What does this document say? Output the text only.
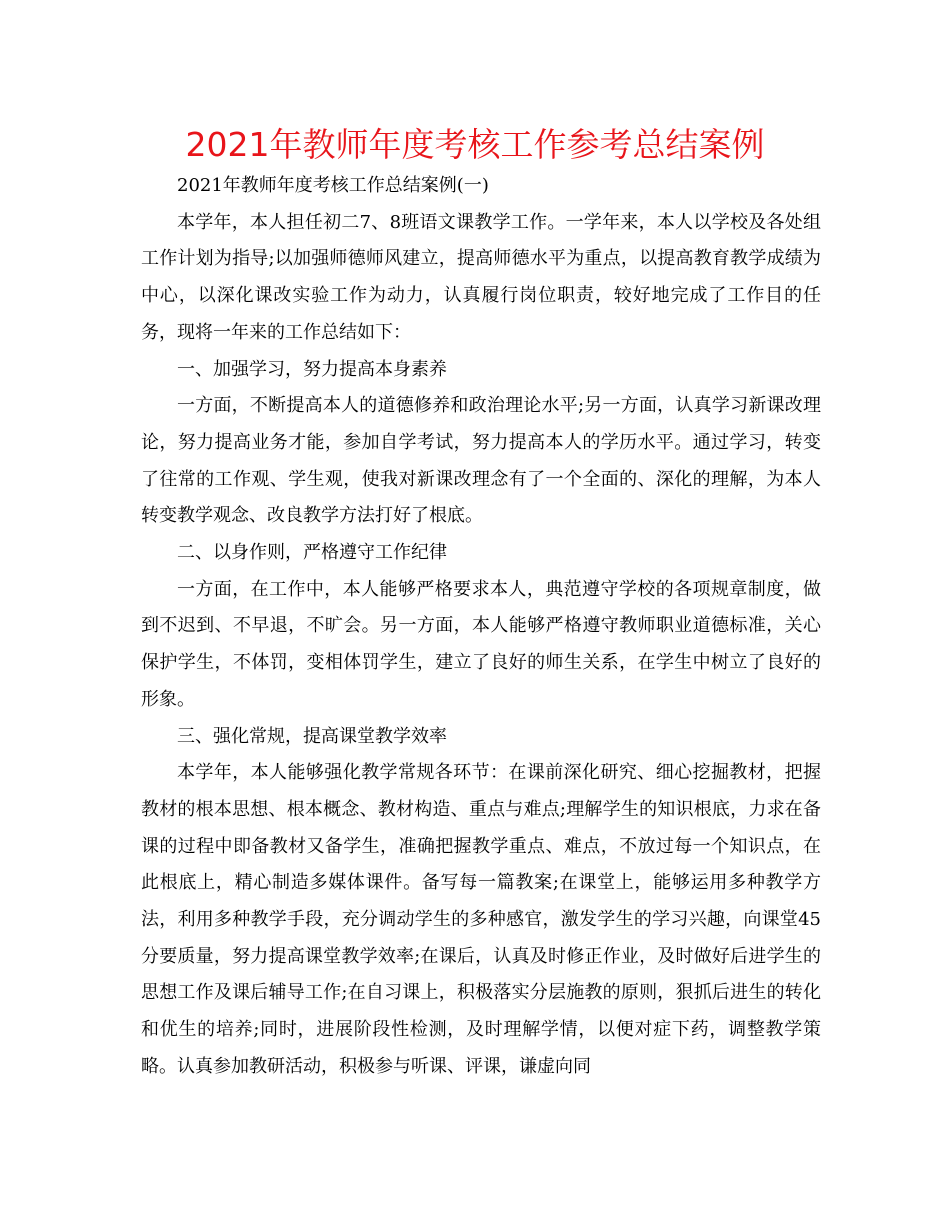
2021年教师年度考核工作参考总结案例

2021年教师年度考核工作总结案例(一)

本学年，本人担任初二7、8班语文课教学工作。一学年来，本人以学校及各处组工作计划为指导;以加强师德师风建立，提高师德水平为重点，以提高教育教学成绩为中心，以深化课改实验工作为动力，认真履行岗位职责，较好地完成了工作目的任务，现将一年来的工作总结如下：

一、加强学习，努力提高本身素养

一方面，不断提高本人的道德修养和政治理论水平;另一方面，认真学习新课改理论，努力提高业务才能，参加自学考试，努力提高本人的学历水平。通过学习，转变了往常的工作观、学生观，使我对新课改理念有了一个全面的、深化的理解，为本人转变教学观念、改良教学方法打好了根底。

二、以身作则，严格遵守工作纪律

一方面，在工作中，本人能够严格要求本人，典范遵守学校的各项规章制度，做到不迟到、不早退，不旷会。另一方面，本人能够严格遵守教师职业道德标准，关心保护学生，不体罚，变相体罚学生，建立了良好的师生关系，在学生中树立了良好的形象。

三、强化常规，提高课堂教学效率

本学年，本人能够强化教学常规各环节：在课前深化研究、细心挖掘教材，把握教材的根本思想、根本概念、教材构造、重点与难点;理解学生的知识根底，力求在备课的过程中即备教材又备学生，准确把握教学重点、难点，不放过每一个知识点，在此根底上，精心制造多媒体课件。备写每一篇教案;在课堂上，能够运用多种教学方法，利用多种教学手段，充分调动学生的多种感官，激发学生的学习兴趣，向课堂45分要质量，努力提高课堂教学效率;在课后，认真及时修正作业，及时做好后进学生的思想工作及课后辅导工作;在自习课上，积极落实分层施教的原则，狠抓后进生的转化和优生的培养;同时，进展阶段性检测，及时理解学情，以便对症下药，调整教学策略。认真参加教研活动，积极参与听课、评课，谦虚向同
